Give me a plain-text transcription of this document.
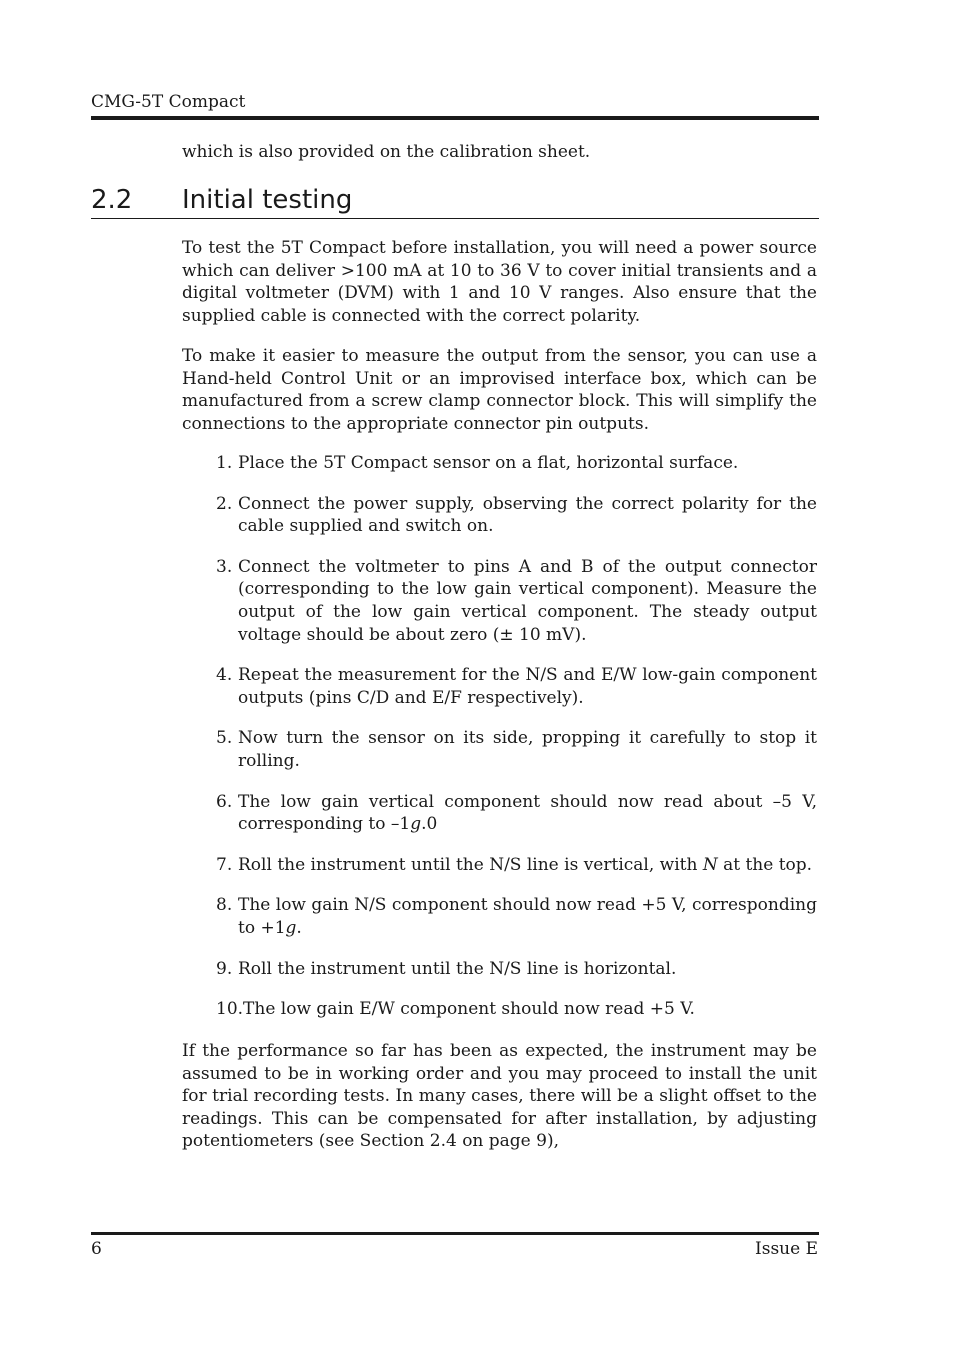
CMG-5T Compact

which is also provided on the calibration sheet.

2.2 Initial testing

To test the 5T Compact before installation, you will need a power source which can deliver >100 mA at 10 to 36 V to cover initial transients and a digital voltmeter (DVM) with 1 and 10 V ranges. Also ensure that the supplied cable is connected with the correct polarity.

To make it easier to measure the output from the sensor, you can use a Hand-held Control Unit or an improvised interface box, which can be manufactured from a screw clamp connector block. This will simplify the connections to the appropriate connector pin outputs.

1. Place the 5T Compact sensor on a flat, horizontal surface.
2. Connect the power supply, observing the correct polarity for the cable supplied and switch on.
3. Connect the voltmeter to pins A and B of the output connector (corresponding to the low gain vertical component). Measure the output of the low gain vertical component. The steady output voltage should be about zero (± 10 mV).
4. Repeat the measurement for the N/S and E/W low-gain component outputs (pins C/D and E/F respectively).
5. Now turn the sensor on its side, propping it carefully to stop it rolling.
6. The low gain vertical component should now read about –5 V, corresponding to –1g.0
7. Roll the instrument until the N/S line is vertical, with N at the top.
8. The low gain N/S component should now read +5 V, corresponding to +1g.
9. Roll the instrument until the N/S line is horizontal.
10.The low gain E/W component should now read +5 V.

If the performance so far has been as expected, the instrument may be assumed to be in working order and you may proceed to install the unit for trial recording tests. In many cases, there will be a slight offset to the readings. This can be compensated for after installation, by adjusting potentiometers (see Section 2.4 on page 9),

6	Issue E
